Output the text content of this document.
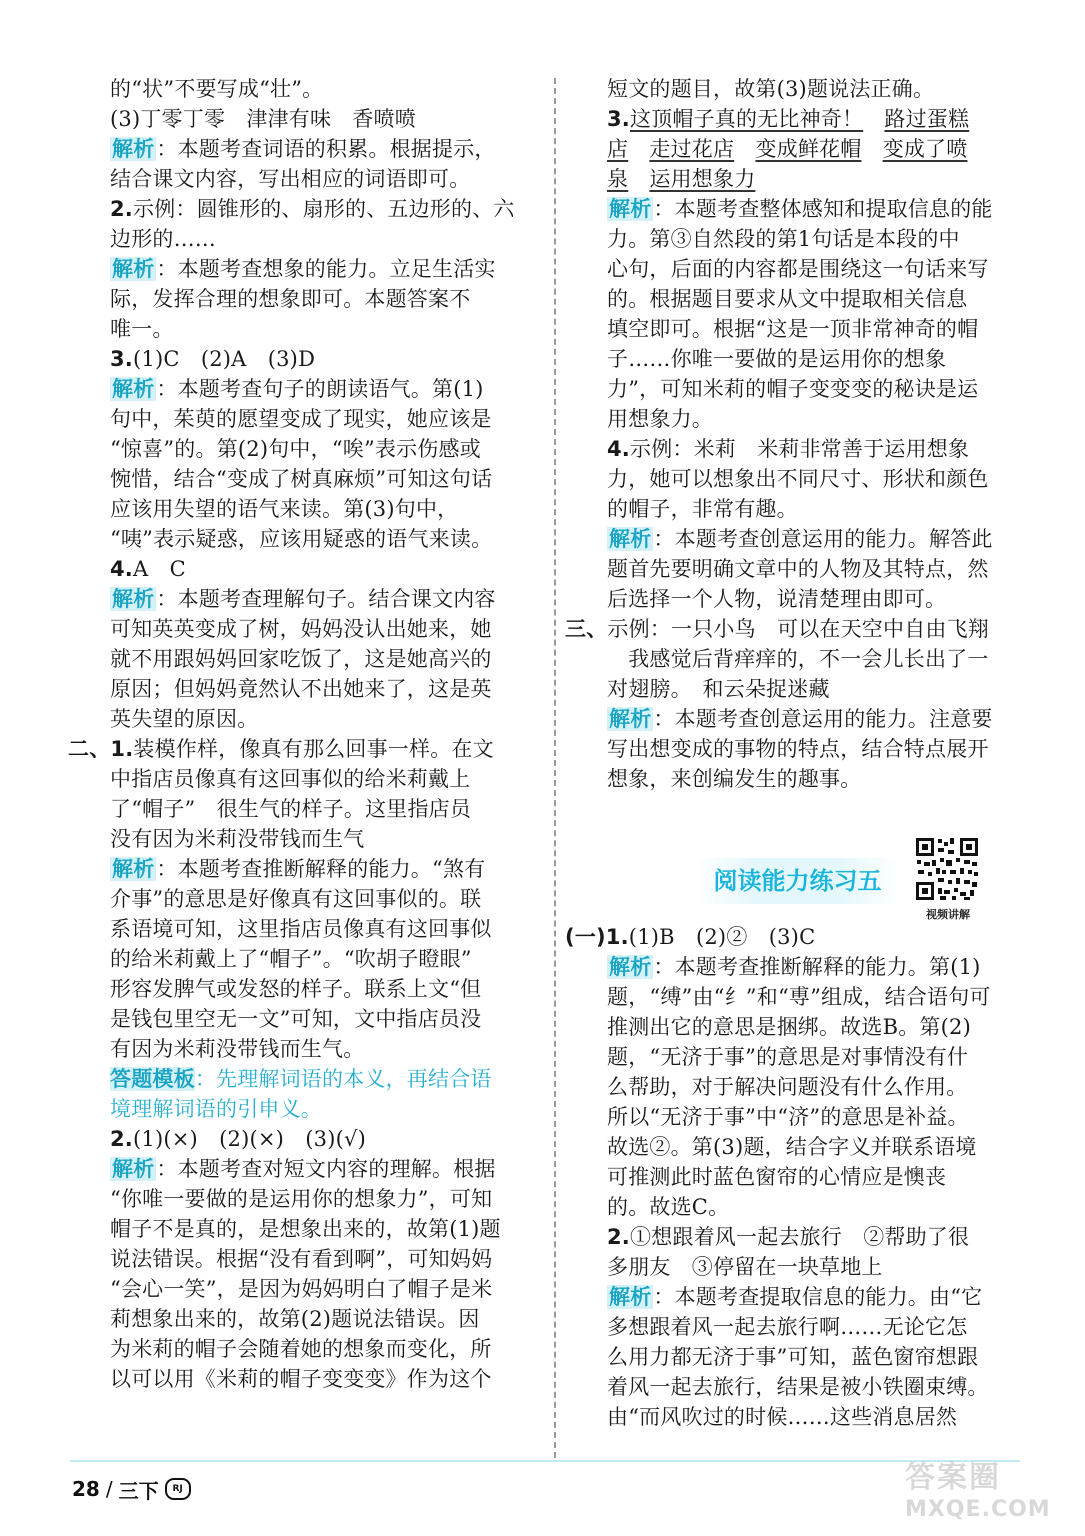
的“状”不要写成“壮”。
(3)丁零丁零　津津有味　香喷喷
解析：本题考查词语的积累。根据提示，
结合课文内容，写出相应的词语即可。
2.示例：圆锥形的、扇形的、五边形的、六
边形的……
解析：本题考查想象的能力。立足生活实
际，发挥合理的想象即可。本题答案不
唯一。
3.(1)C　(2)A　(3)D
解析：本题考查句子的朗读语气。第(1)
句中，茱萸的愿望变成了现实，她应该是
“惊喜”的。第(2)句中，“唉”表示伤感或
惋惜，结合“变成了树真麻烦”可知这句话
应该用失望的语气来读。第(3)句中，
“咦”表示疑惑，应该用疑惑的语气来读。
4.A　C
解析：本题考查理解句子。结合课文内容
可知英英变成了树，妈妈没认出她来，她
就不用跟妈妈回家吃饭了，这是她高兴的
原因；但妈妈竟然认不出她来了，这是英
英失望的原因。
二、1.装模作样，像真有那么回事一样。在文
中指店员像真有这回事似的给米莉戴上
了“帽子”　很生气的样子。这里指店员
没有因为米莉没带钱而生气
解析：本题考查推断解释的能力。“煞有
介事”的意思是好像真有这回事似的。联
系语境可知，这里指店员像真有这回事似
的给米莉戴上了“帽子”。“吹胡子瞪眼”
形容发脾气或发怒的样子。联系上文“但
是钱包里空无一文”可知，文中指店员没
有因为米莉没带钱而生气。
答题模板：先理解词语的本义，再结合语
境理解词语的引申义。
2.(1)(×)　(2)(×)　(3)(√)
解析：本题考查对短文内容的理解。根据
“你唯一要做的是运用你的想象力”，可知
帽子不是真的，是想象出来的，故第(1)题
说法错误。根据“没有看到啊”，可知妈妈
“会心一笑”，是因为妈妈明白了帽子是米
莉想象出来的，故第(2)题说法错误。因
为米莉的帽子会随着她的想象而变化，所
以可以用《米莉的帽子变变变》作为这个
短文的题目，故第(3)题说法正确。
3.这顶帽子真的无比神奇！　 路过蛋糕
店　 走过花店　 变成鲜花帽　 变成了喷
泉　 运用想象力
解析：本题考查整体感知和提取信息的能
力。第③自然段的第1句话是本段的中
心句，后面的内容都是围绕这一句话来写
的。根据题目要求从文中提取相关信息
填空即可。根据“这是一顶非常神奇的帽
子……你唯一要做的是运用你的想象
力”，可知米莉的帽子变变变的秘诀是运
用想象力。
4.示例：米莉　米莉非常善于运用想象
力，她可以想象出不同尺寸、形状和颜色
的帽子，非常有趣。
解析：本题考查创意运用的能力。解答此
题首先要明确文章中的人物及其特点，然
后选择一个人物，说清楚理由即可。
三、示例：一只小鸟　可以在天空中自由飞翔
　我感觉后背痒痒的，不一会儿长出了一
对翅膀。　和云朵捉迷藏
解析：本题考查创意运用的能力。注意要
写出想变成的事物的特点，结合特点展开
想象，来创编发生的趣事。
阅读能力练习五
视频讲解
(一)1.(1)B　(2)②　(3)C
解析：本题考查推断解释的能力。第(1)
题，“缚”由“纟”和“尃”组成，结合语句可
推测出它的意思是捆绑。故选B。第(2)
题，“无济于事”的意思是对事情没有什
么帮助，对于解决问题没有什么作用。
所以“无济于事”中“济”的意思是补益。
故选②。第(3)题，结合字义并联系语境
可推测此时蓝色窗帘的心情应是懊丧
的。故选C。
2.①想跟着风一起去旅行　②帮助了很
多朋友　③停留在一块草地上
解析：本题考查提取信息的能力。由“它
多想跟着风一起去旅行啊……无论它怎
么用力都无济于事”可知，蓝色窗帘想跟
着风一起去旅行，结果是被小铁圈束缚。
由“而风吹过的时候……这些消息居然
28 / 三下	RJ	答案圈
MXQE.COM
